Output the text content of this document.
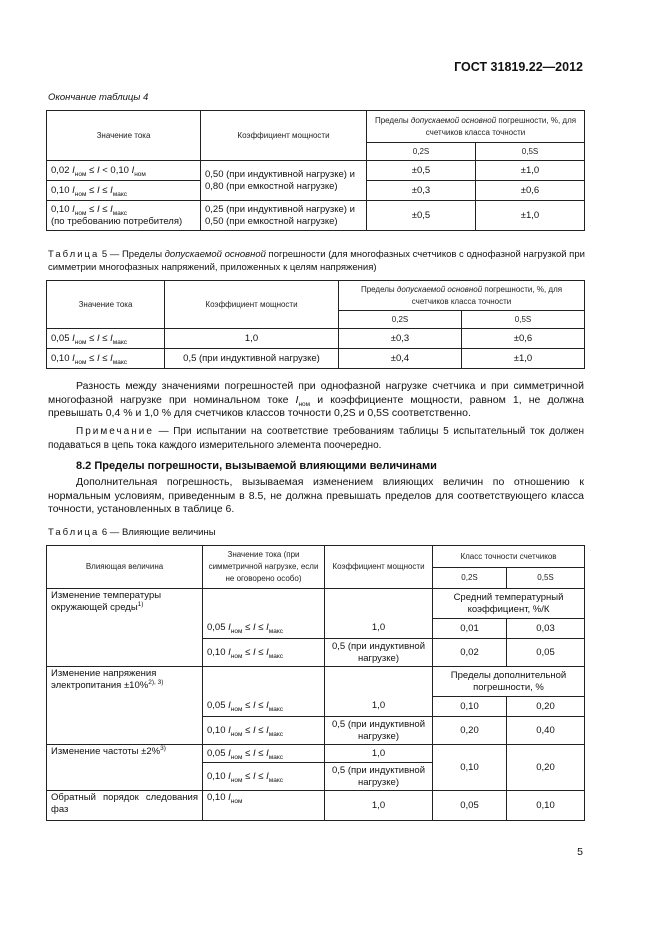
ГОСТ 31819.22—2012
Окончание таблицы 4
Значение тока	Коэффициент мощности	Пределы допускаемой основной погрешности, %, для счетчиков класса точности	
		0,2S	0,5S
0,02 $I_{ном} \le I < 0,10$ $I_{ном}$	0,50 (при индуктивной нагрузке) и 0,80 (при емкостной нагрузке)	±0,5	±1,0
0,10 $I_{ном} \le I \le I_{макс}$		±0,3	±0,6
0,10 $I_{ном} \le I \le I_{макс}$
(по требованию потребителя)	0,25 (при индуктивной нагрузке) и 0,50 (при емкостной нагрузке)	±0,5	±1,0
Таблица 5 — Пределы допускаемой основной погрешности (для многофазных счетчиков с однофазной нагрузкой при симметрии многофазных напряжений, приложенных к целям напряжения)
Значение тока	Коэффициент мощности	Пределы допускаемой основной погрешности, %, для счетчиков класса точности	
		0,2S	0,5S
0,05 $I_{ном} \le I \le I_{макс}$	1,0	±0,3	±0,6
0,10 $I_{ном} \le I \le I_{макс}$	0,5 (при индуктивной нагрузке)	±0,4	±1,0
Разность между значениями погрешностей при однофазной нагрузке счетчика и при симметричной многофазной нагрузке при номинальном токе $I_{ном}$ и коэффициенте мощности, равном 1, не должна превышать 0,4 % и 1,0 % для счетчиков классов точности 0,2S и 0,5S соответственно.
Примечание — При испытании на соответствие требованиям таблицы 5 испытательный ток должен подаваться в цепь тока каждого измерительного элемента поочередно.
8.2 Пределы погрешности, вызываемой влияющими величинами
Дополнительная погрешность, вызываемая изменением влияющих величин по отношению к нормальным условиям, приведенным в 8.5, не должна превышать пределов для соответствующего класса точности, установленных в таблице 6.
Таблица 6 — Влияющие величины
Влияющая величина	Значение тока (при симметричной нагрузке, если не оговорено особо)	Коэффициент мощности	Класс точности счетчиков	
			0,2S	0,5S
Изменение температуры окружающей среды$^{1)}$			Средний температурный коэффициент, %/К	
	0,05 $I_{ном} \le I \le I_{макс}$	1,0	0,01	0,03
	0,10 $I_{ном} \le I \le I_{макс}$	0,5 (при индуктивной нагрузке)	0,02	0,05
Изменение напряжения электропитания ±10%$^{2), 3)}$			Пределы дополнительной погрешности, %	
	0,05 $I_{ном} \le I \le I_{макс}$	1,0	0,10	0,20
	0,10 $I_{ном} \le I \le I_{макс}$	0,5 (при индуктивной нагрузке)	0,20	0,40
Изменение частоты ±2%$^{3)}$	0,05 $I_{ном} \le I \le I_{макс}$	1,0	0,10	0,20
	0,10 $I_{ном} \le I \le I_{макс}$	0,5 (при индуктивной нагрузке)		
Обратный порядок следования фаз	0,10 $I_{ном}$	1,0	0,05	0,10
5
